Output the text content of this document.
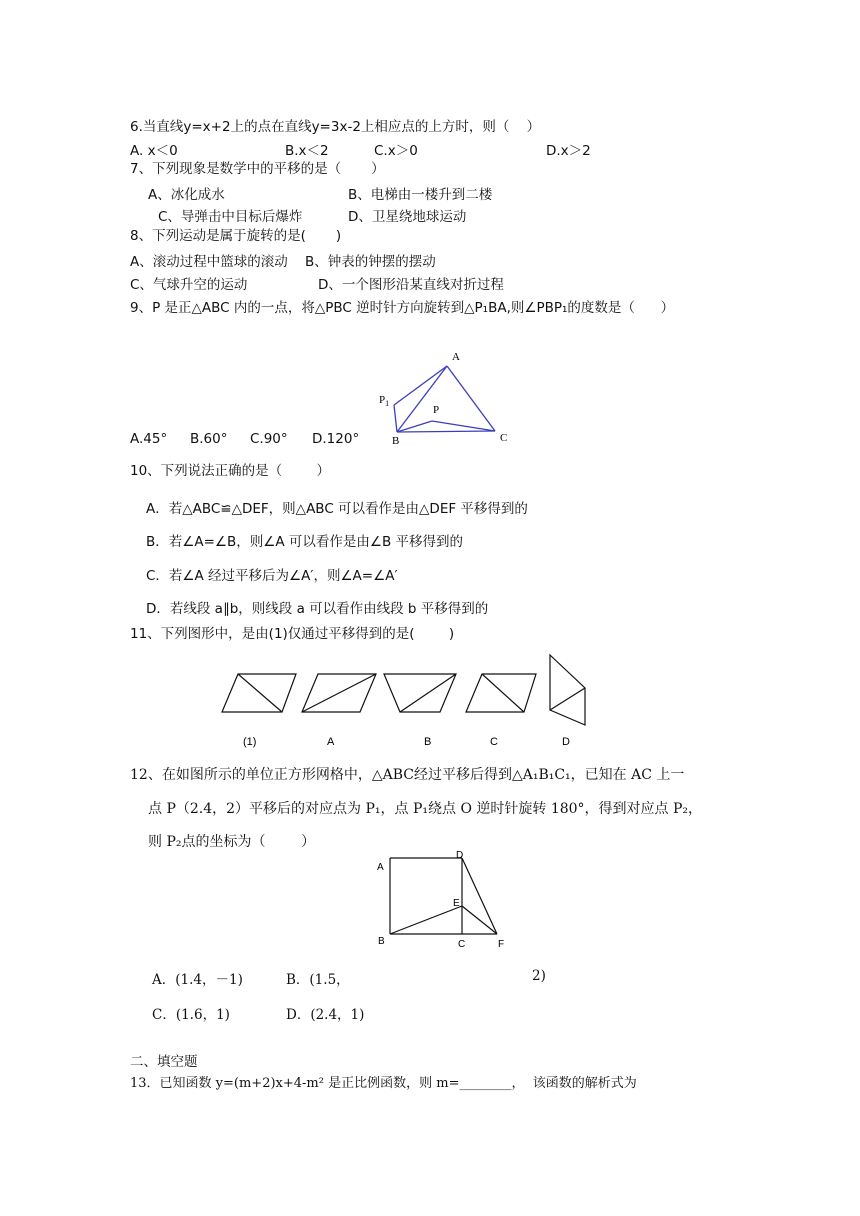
6.当直线y=x+2上的点在直线y=3x-2上相应点的上方时，则（    ）
A. x＜0	B.x＜2	C.x＞0	D.x＞2
7、下列现象是数学中的平移的是（       ）
A、冰化成水	B、电梯由一楼升到二楼
C、导弹击中目标后爆炸	D、卫星绕地球运动
8、下列运动是属于旋转的是(       )
A、滚动过程中篮球的滚动 B、钟表的钟摆的摆动
C、气球升空的运动	D、一个图形沿某直线对折过程
9、P 是正△ABC 内的一点，将△PBC 逆时针方向旋转到△P₁BA,则∠PBP₁的度数是（      ）
A
$P_1$
P
B	C
A.45° B.60° C.90° D.120°
10、下列说法正确的是（        ）
A．若△ABC≌△DEF，则△ABC 可以看作是由△DEF 平移得到的
B．若∠A=∠B，则∠A 可以看作是由∠B 平移得到的
C．若∠A 经过平移后为∠A′，则∠A=∠A′
D．若线段 a∥b，则线段 a 可以看作由线段 b 平移得到的
11、下列图形中，是由(1)仅通过平移得到的是(        )
(1)	A	B	C	D
12、在如图所示的单位正方形网格中，△ABC经过平移后得到△A₁B₁C₁，已知在 AC 上一
点 P（2.4，2）平移后的对应点为 P₁，点 P₁绕点 O 逆时针旋转 180°，得到对应点 P₂，
则 P₂点的坐标为（        ）
A
D
E
B	C	F
A．(1.4，－1)	B．(1.5，	2)
C．(1.6，1)	D．(2.4，1)
二、填空题
13．已知函数 y=(m+2)x+4-m² 是正比例函数，则 m=________，  该函数的解析式为
